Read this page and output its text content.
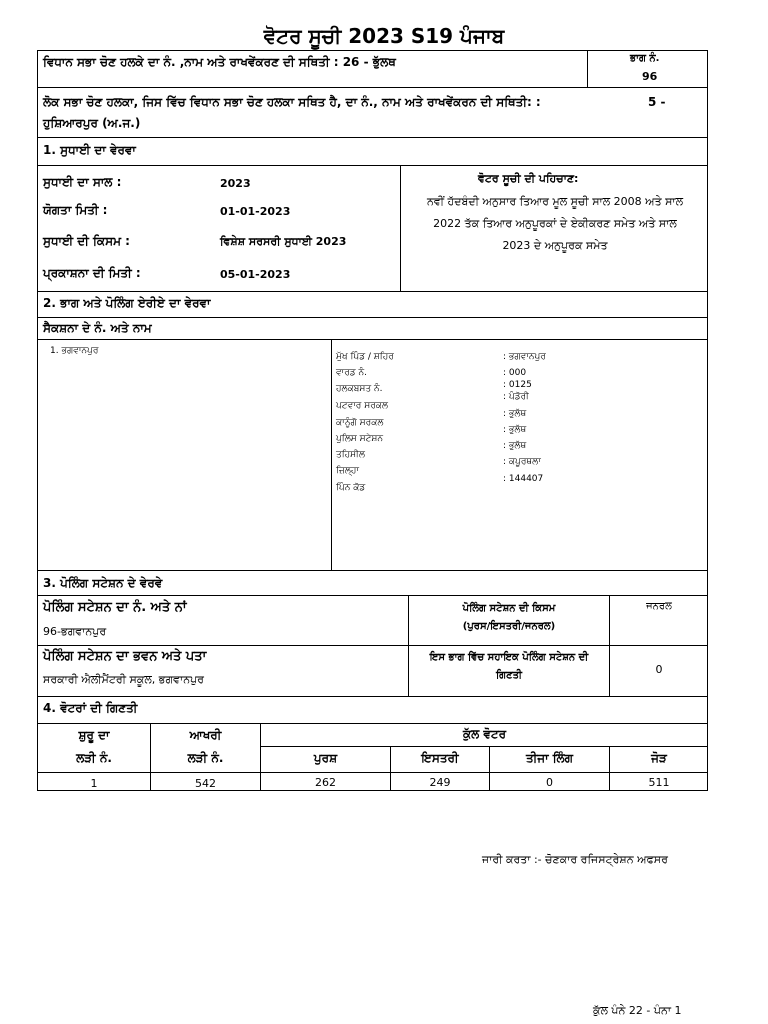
ਵੋਟਰ ਸੂਚੀ 2023 S19 ਪੰਜਾਬ
ਵਿਧਾਨ ਸਭਾ ਚੋਣ ਹਲਕੇ ਦਾ ਨੰ. ,ਨਾਮ ਅਤੇ ਰਾਖਵੇਂਕਰਣ ਦੀ ਸਥਿਤੀ : 26 - ਭੁੱਲਥ	ਭਾਗ ਨੰ.
96
ਲੋਕ ਸਭਾ ਚੋਣ ਹਲਕਾ, ਜਿਸ ਵਿੱਚ ਵਿਧਾਨ ਸਭਾ ਚੋਣ ਹਲਕਾ ਸਥਿਤ ਹੈ, ਦਾ ਨੰ., ਨਾਮ ਅਤੇ ਰਾਖਵੇਂਕਰਨ ਦੀ ਸਥਿਤੀ: :	5 -
ਹੁਸ਼ਿਆਰਪੁਰ (ਅ.ਜ.)
1. ਸੁਧਾਈ ਦਾ ਵੇਰਵਾ
ਸੁਧਾਈ ਦਾ ਸਾਲ :	2023
ਯੋਗਤਾ ਮਿਤੀ :	01-01-2023
ਸੁਧਾਈ ਦੀ ਕਿਸਮ :	ਵਿਸ਼ੇਸ਼ ਸਰਸਰੀ ਸੁਧਾਈ 2023
ਪ੍ਰਕਾਸ਼ਨਾ ਦੀ ਮਿਤੀ :	05-01-2023
ਵੋਟਰ ਸੂਚੀ ਦੀ ਪਹਿਚਾਣ:
ਨਵੀਂ ਹੱਦਬੰਦੀ ਅਨੁਸਾਰ ਤਿਆਰ ਮੂਲ ਸੂਚੀ ਸਾਲ 2008 ਅਤੇ ਸਾਲ
2022 ਤੱਕ ਤਿਆਰ ਅਨੁਪੂਰਕਾਂ ਦੇ ਏਕੀਕਰਣ ਸਮੇਤ ਅਤੇ ਸਾਲ
2023 ਦੇ ਅਨੁਪੂਰਕ ਸਮੇਤ
2. ਭਾਗ ਅਤੇ ਪੋਲਿੰਗ ਏਰੀਏ ਦਾ ਵੇਰਵਾ
ਸੈਕਸ਼ਨਾ ਦੇ ਨੰ. ਅਤੇ ਨਾਮ
1. ਭਗਵਾਨਪੁਰ
ਮੁੱਖ ਪਿੰਡ / ਸ਼ਹਿਰ	: ਭਗਵਾਨਪੁਰ
ਵਾਰਡ ਨੰ.	: 000
ਹਲਕਬਸਤ ਨੰ.	: 0125
ਪਟਵਾਰ ਸਰਕਲ
: ਪੰਡੋਰੀ
ਕਾਨੂੰਗੋ ਸਰਕਲ
: ਭੁਲੱਥ
ਪੁਲਿਸ ਸਟੇਸ਼ਨ
: ਭੁਲੱਥ
ਤਹਿਸੀਲ
: ਭੁਲੱਥ
ਜ਼ਿਲ੍ਹਾ
: ਕਪੂਰਥਲਾ
ਪਿੰਨ ਕੋਡ
: 144407
3. ਪੋਲਿੰਗ ਸਟੇਸ਼ਨ ਦੇ ਵੇਰਵੇ
ਪੋਲਿੰਗ ਸਟੇਸ਼ਨ ਦਾ ਨੰ. ਅਤੇ ਨਾਂ
96-ਭਗਵਾਨਪੁਰ
ਪੋਲਿੰਗ ਸਟੇਸ਼ਨ ਦੀ ਕਿਸਮ
(ਪੁਰਸ/ਇਸਤਰੀ/ਜਨਰਲ)
ਜਨਰਲ
ਪੋਲਿੰਗ ਸਟੇਸ਼ਨ ਦਾ ਭਵਨ ਅਤੇ ਪਤਾ
ਸਰਕਾਰੀ ਐਲੀਮੈਂਟਰੀ ਸਕੂਲ, ਭਗਵਾਨਪੁਰ
ਇਸ ਭਾਗ ਵਿੱਚ ਸਹਾਇਕ ਪੋਲਿੰਗ ਸਟੇਸ਼ਨ ਦੀ
ਗਿਣਤੀ	0
4. ਵੋਟਰਾਂ ਦੀ ਗਿਣਤੀ
ਸ਼ੁਰੂ ਦਾ
ਲੜੀ ਨੰ.
ਆਖਰੀ
ਲੜੀ ਨੰ.
ਕੁੱਲ ਵੋਟਰ
ਪੁਰਸ਼	ਇਸਤਰੀ	ਤੀਜਾ ਲਿੰਗ	ਜੋੜ
1	542	262	249	0	511
ਜਾਰੀ ਕਰਤਾ :- ਚੋਣਕਾਰ ਰਜਿਸਟ੍ਰੇਸ਼ਨ ਅਫਸਰ
ਕੁੱਲ ਪੰਨੇ 22 - ਪੰਨਾ 1
